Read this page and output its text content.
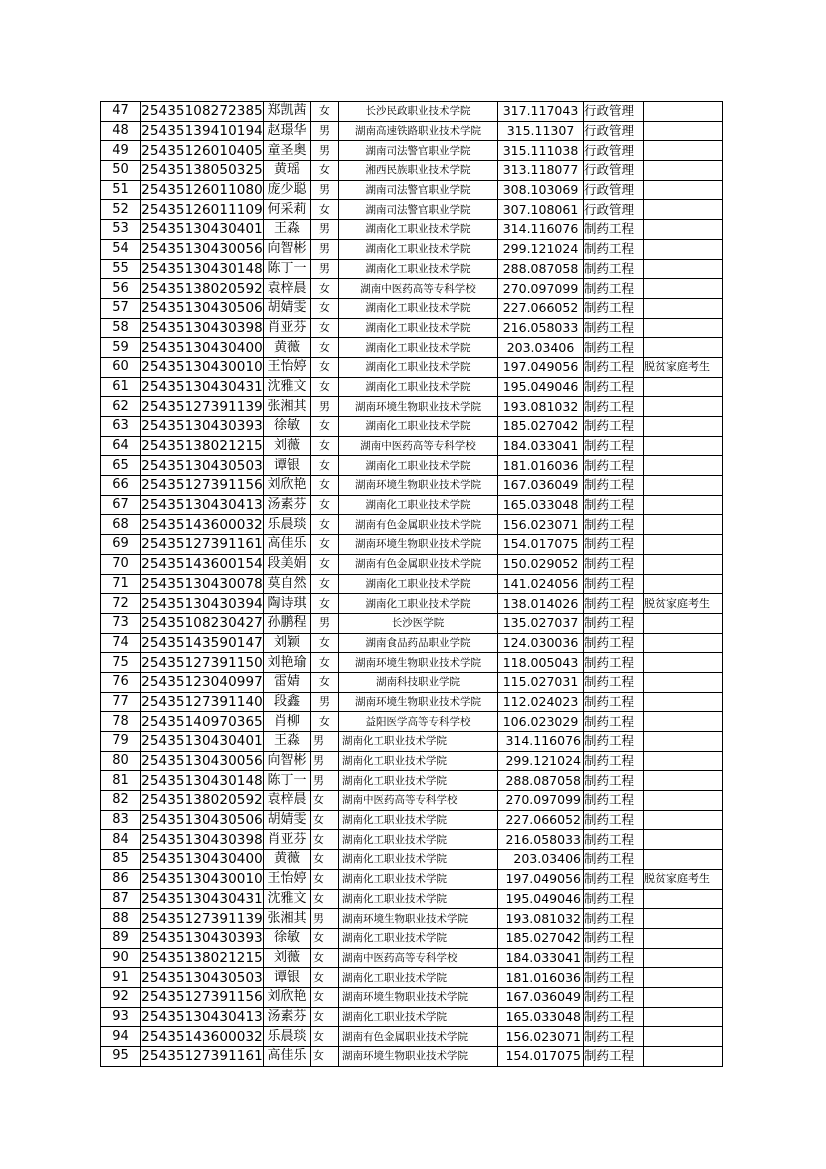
47	25435108272385	郑凯茜	女	长沙民政职业技术学院	317.117043	行政管理	
48	25435139410194	赵璟华	男	湖南高速铁路职业技术学院	315.11307	行政管理	
49	25435126010405	童圣奥	男	湖南司法警官职业学院	315.111038	行政管理	
50	25435138050325	黄瑶	女	湘西民族职业技术学院	313.118077	行政管理	
51	25435126011080	庞少聪	男	湖南司法警官职业学院	308.103069	行政管理	
52	25435126011109	何采莉	女	湖南司法警官职业学院	307.108061	行政管理	
53	25435130430401	王淼	男	湖南化工职业技术学院	314.116076	制药工程	
54	25435130430056	向智彬	男	湖南化工职业技术学院	299.121024	制药工程	
55	25435130430148	陈丁一	男	湖南化工职业技术学院	288.087058	制药工程	
56	25435138020592	袁梓晨	女	湖南中医药高等专科学校	270.097099	制药工程	
57	25435130430506	胡婧雯	女	湖南化工职业技术学院	227.066052	制药工程	
58	25435130430398	肖亚芬	女	湖南化工职业技术学院	216.058033	制药工程	
59	25435130430400	黄薇	女	湖南化工职业技术学院	203.03406	制药工程	
60	25435130430010	王怡婷	女	湖南化工职业技术学院	197.049056	制药工程	脱贫家庭考生
61	25435130430431	沈雅文	女	湖南化工职业技术学院	195.049046	制药工程	
62	25435127391139	张湘其	男	湖南环境生物职业技术学院	193.081032	制药工程	
63	25435130430393	徐敏	女	湖南化工职业技术学院	185.027042	制药工程	
64	25435138021215	刘薇	女	湖南中医药高等专科学校	184.033041	制药工程	
65	25435130430503	谭银	女	湖南化工职业技术学院	181.016036	制药工程	
66	25435127391156	刘欣艳	女	湖南环境生物职业技术学院	167.036049	制药工程	
67	25435130430413	汤素芬	女	湖南化工职业技术学院	165.033048	制药工程	
68	25435143600032	乐晨琰	女	湖南有色金属职业技术学院	156.023071	制药工程	
69	25435127391161	高佳乐	女	湖南环境生物职业技术学院	154.017075	制药工程	
70	25435143600154	段美娟	女	湖南有色金属职业技术学院	150.029052	制药工程	
71	25435130430078	莫自然	女	湖南化工职业技术学院	141.024056	制药工程	
72	25435130430394	陶诗琪	女	湖南化工职业技术学院	138.014026	制药工程	脱贫家庭考生
73	25435108230427	孙鹏程	男	长沙医学院	135.027037	制药工程	
74	25435143590147	刘颖	女	湖南食品药品职业学院	124.030036	制药工程	
75	25435127391150	刘艳瑜	女	湖南环境生物职业技术学院	118.005043	制药工程	
76	25435123040997	雷婧	女	湖南科技职业学院	115.027031	制药工程	
77	25435127391140	段鑫	男	湖南环境生物职业技术学院	112.024023	制药工程	
78	25435140970365	肖柳	女	益阳医学高等专科学校	106.023029	制药工程	
79	25435130430401	王淼	男	湖南化工职业技术学院	314.116076	制药工程	
80	25435130430056	向智彬	男	湖南化工职业技术学院	299.121024	制药工程	
81	25435130430148	陈丁一	男	湖南化工职业技术学院	288.087058	制药工程	
82	25435138020592	袁梓晨	女	湖南中医药高等专科学校	270.097099	制药工程	
83	25435130430506	胡婧雯	女	湖南化工职业技术学院	227.066052	制药工程	
84	25435130430398	肖亚芬	女	湖南化工职业技术学院	216.058033	制药工程	
85	25435130430400	黄薇	女	湖南化工职业技术学院	203.03406	制药工程	
86	25435130430010	王怡婷	女	湖南化工职业技术学院	197.049056	制药工程	脱贫家庭考生
87	25435130430431	沈雅文	女	湖南化工职业技术学院	195.049046	制药工程	
88	25435127391139	张湘其	男	湖南环境生物职业技术学院	193.081032	制药工程	
89	25435130430393	徐敏	女	湖南化工职业技术学院	185.027042	制药工程	
90	25435138021215	刘薇	女	湖南中医药高等专科学校	184.033041	制药工程	
91	25435130430503	谭银	女	湖南化工职业技术学院	181.016036	制药工程	
92	25435127391156	刘欣艳	女	湖南环境生物职业技术学院	167.036049	制药工程	
93	25435130430413	汤素芬	女	湖南化工职业技术学院	165.033048	制药工程	
94	25435143600032	乐晨琰	女	湖南有色金属职业技术学院	156.023071	制药工程	
95	25435127391161	高佳乐	女	湖南环境生物职业技术学院	154.017075	制药工程	
